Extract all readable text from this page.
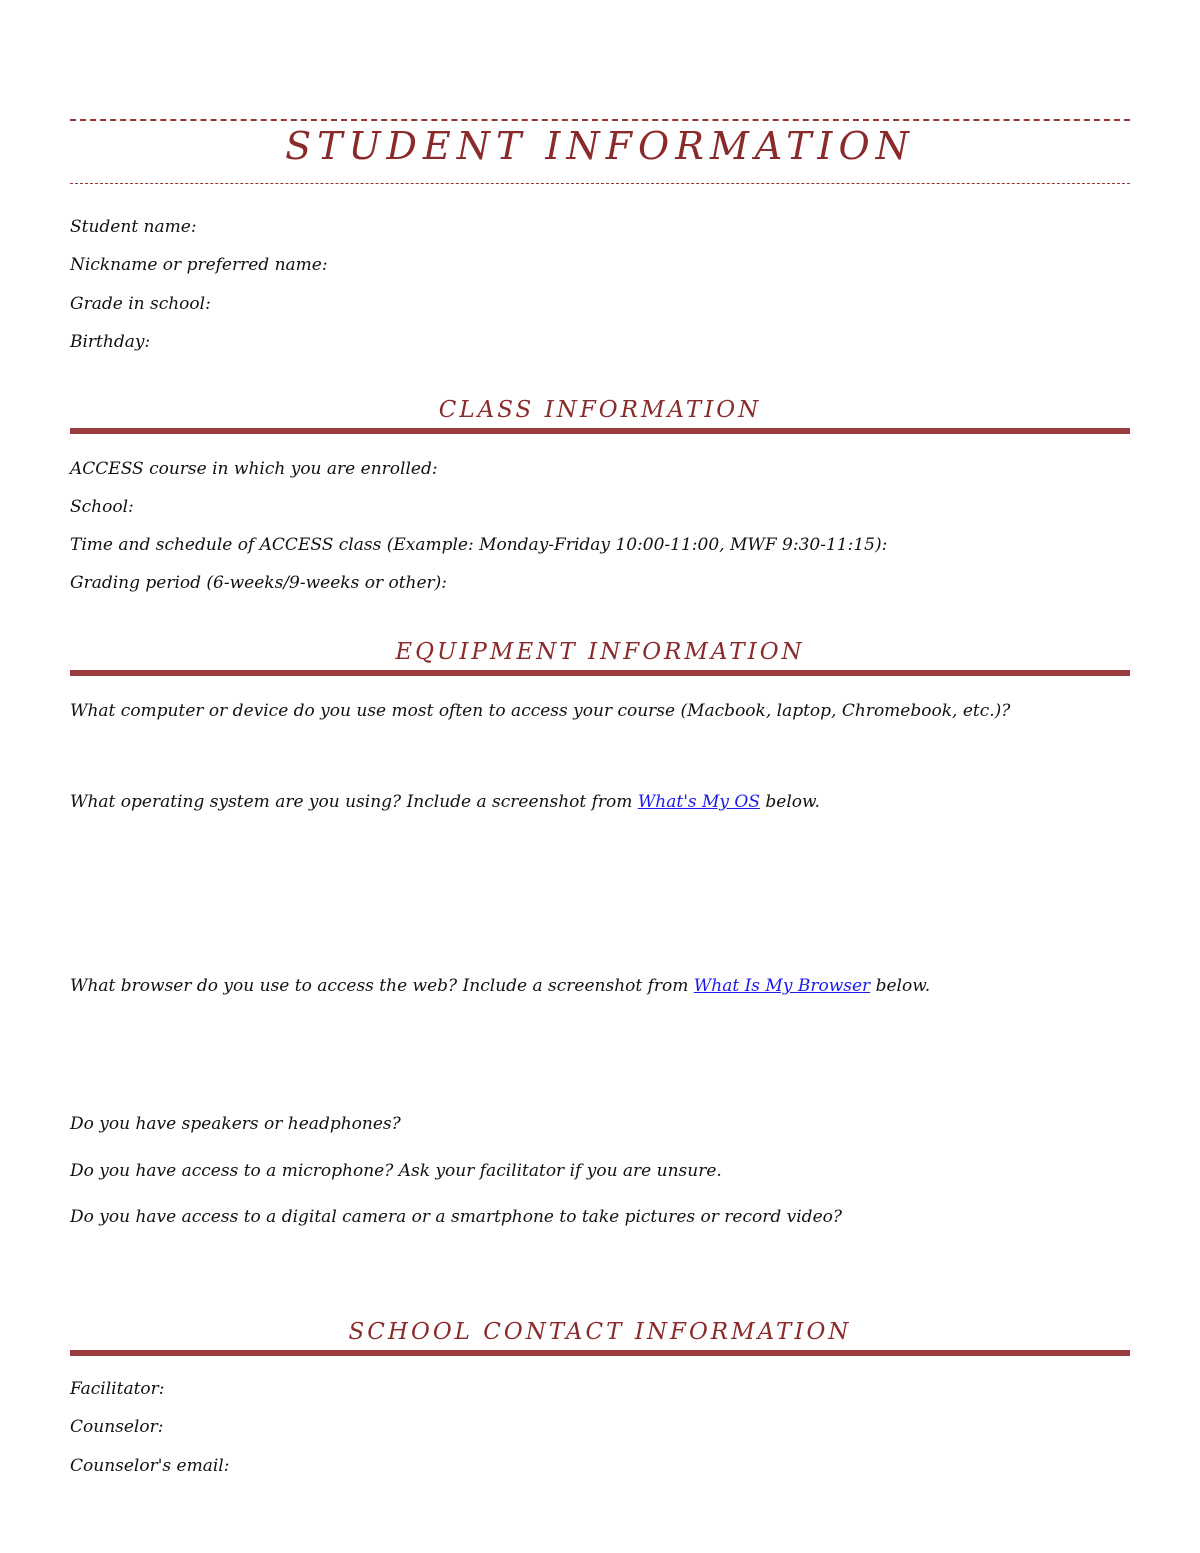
STUDENT INFORMATION

Student name:

Nickname or preferred name:

Grade in school:

Birthday:

CLASS INFORMATION

ACCESS course in which you are enrolled:

School:

Time and schedule of ACCESS class (Example: Monday-Friday 10:00-11:00, MWF 9:30-11:15):

Grading period (6-weeks/9-weeks or other):

EQUIPMENT INFORMATION

What computer or device do you use most often to access your course (Macbook, laptop, Chromebook, etc.)?

What operating system are you using? Include a screenshot from What's My OS below.

What browser do you use to access the web? Include a screenshot from What Is My Browser below.

Do you have speakers or headphones?

Do you have access to a microphone? Ask your facilitator if you are unsure.

Do you have access to a digital camera or a smartphone to take pictures or record video?

SCHOOL CONTACT INFORMATION

Facilitator:

Counselor:

Counselor's email:
